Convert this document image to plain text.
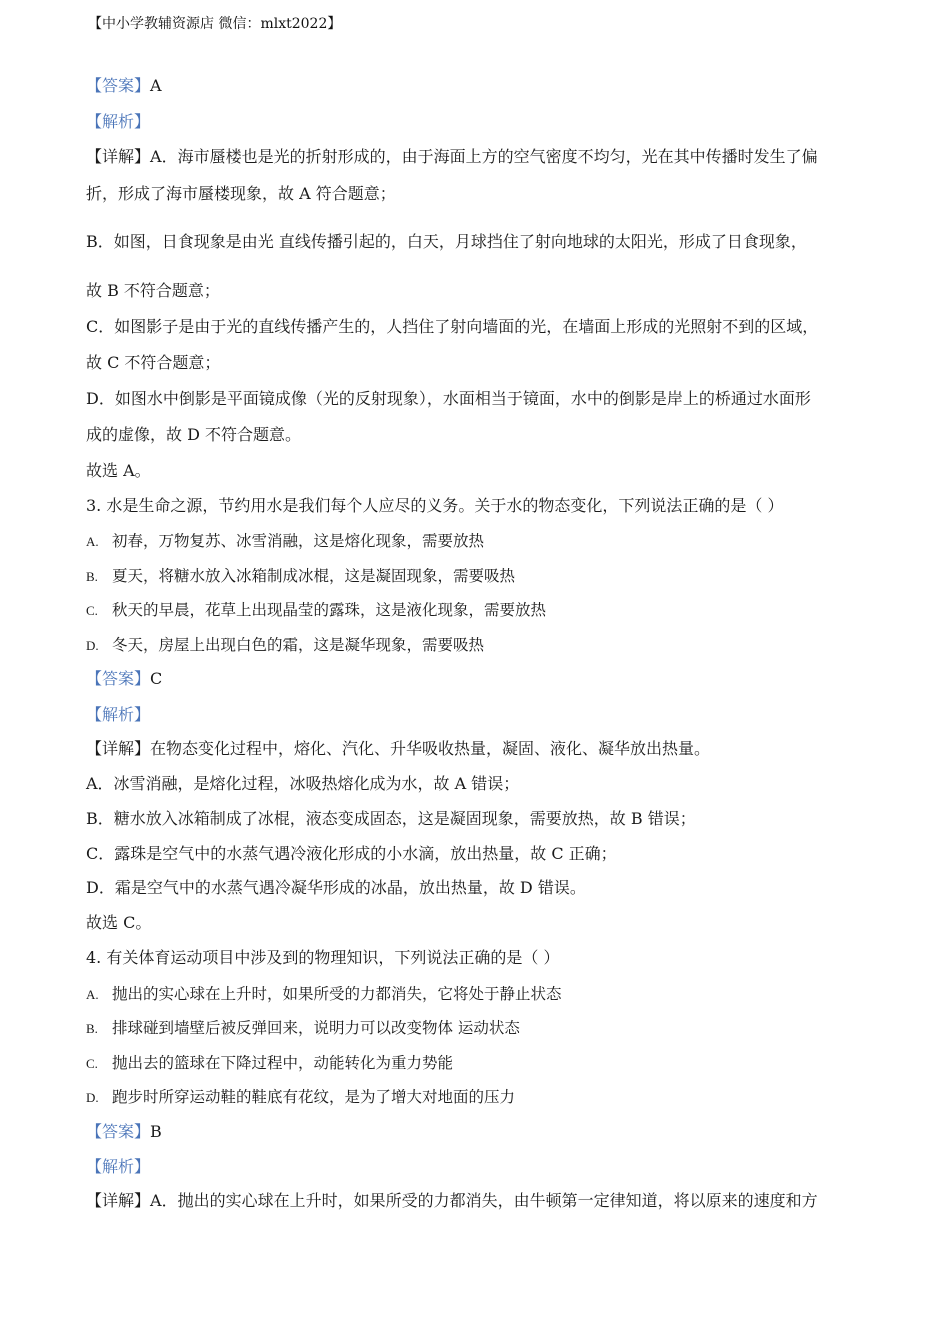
【中小学教辅资源店 微信：mlxt2022】
【答案】A
【解析】
【详解】A．海市蜃楼也是光的折射形成的，由于海面上方的空气密度不均匀，光在其中传播时发生了偏
折，形成了海市蜃楼现象，故 A 符合题意；
B．如图，日食现象是由光 直线传播引起的，白天，月球挡住了射向地球的太阳光，形成了日食现象，
故 B 不符合题意；
C．如图影子是由于光的直线传播产生的，人挡住了射向墙面的光，在墙面上形成的光照射不到的区域，
故 C 不符合题意；
D．如图水中倒影是平面镜成像（光的反射现象），水面相当于镜面，水中的倒影是岸上的桥通过水面形
成的虚像，故 D 不符合题意。
故选 A。
3. 水是生命之源，节约用水是我们每个人应尽的义务。关于水的物态变化，下列说法正确的是（ ）
A. 初春，万物复苏、冰雪消融，这是熔化现象，需要放热
B. 夏天，将糖水放入冰箱制成冰棍，这是凝固现象，需要吸热
C. 秋天的早晨，花草上出现晶莹的露珠，这是液化现象，需要放热
D. 冬天，房屋上出现白色的霜，这是凝华现象，需要吸热
【答案】C
【解析】
【详解】在物态变化过程中，熔化、汽化、升华吸收热量，凝固、液化、凝华放出热量。
A．冰雪消融，是熔化过程，冰吸热熔化成为水，故 A 错误；
B．糖水放入冰箱制成了冰棍，液态变成固态，这是凝固现象，需要放热，故 B 错误；
C．露珠是空气中的水蒸气遇冷液化形成的小水滴，放出热量，故 C 正确；
D．霜是空气中的水蒸气遇冷凝华形成的冰晶，放出热量，故 D 错误。
故选 C。
4. 有关体育运动项目中涉及到的物理知识，下列说法正确的是（ ）
A. 抛出的实心球在上升时，如果所受的力都消失，它将处于静止状态
B. 排球碰到墙壁后被反弹回来，说明力可以改变物体 运动状态
C. 抛出去的篮球在下降过程中，动能转化为重力势能
D. 跑步时所穿运动鞋的鞋底有花纹，是为了增大对地面的压力
【答案】B
【解析】
【详解】A．抛出的实心球在上升时，如果所受的力都消失，由牛顿第一定律知道，将以原来的速度和方
